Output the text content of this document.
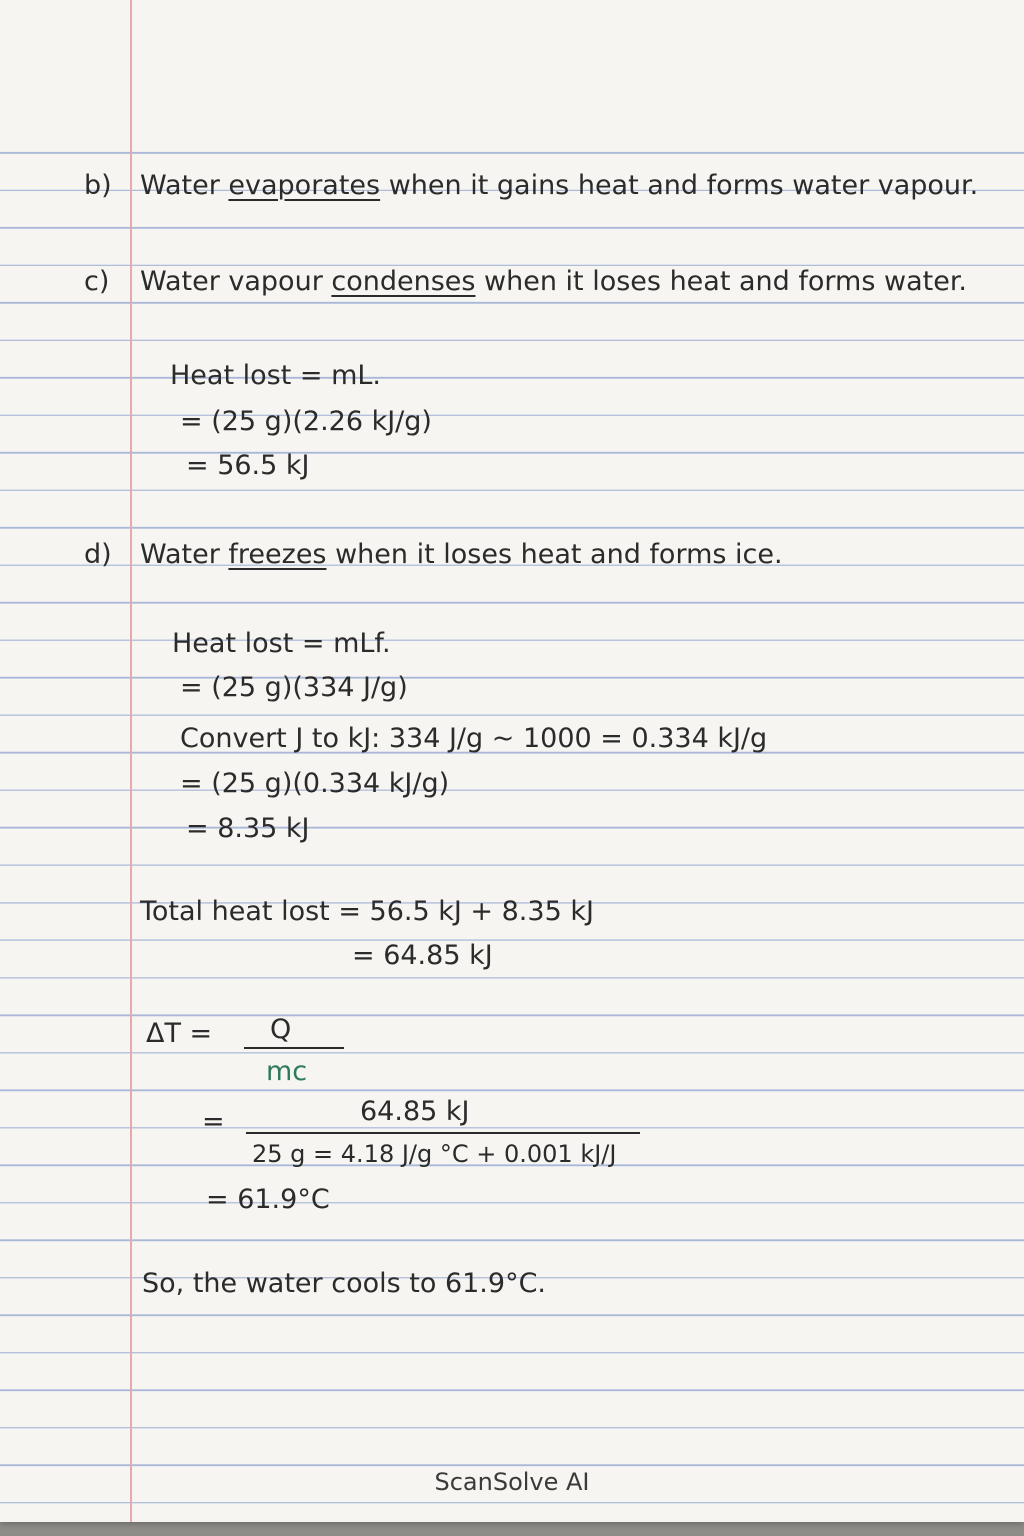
b) Water evaporates when it gains heat and forms water vapour.
c) Water vapour condenses when it loses heat and forms water.
Heat lost = mL.
= (25 g)(2.26 kJ/g)
= 56.5 kJ
d) Water freezes when it loses heat and forms ice.
Heat lost = mLf.
= (25 g)(334 J/g)
Convert J to kJ: 334 J/g ~ 1000 = 0.334 kJ/g
= (25 g)(0.334 kJ/g)
= 8.35 kJ
Total heat lost = 56.5 kJ + 8.35 kJ
= 64.85 kJ
ΔT = Q
mc
=	64.85 kJ
25 g = 4.18 J/g °C + 0.001 kJ/J
= 61.9°C
So, the water cools to 61.9°C.
ScanSolve AI
